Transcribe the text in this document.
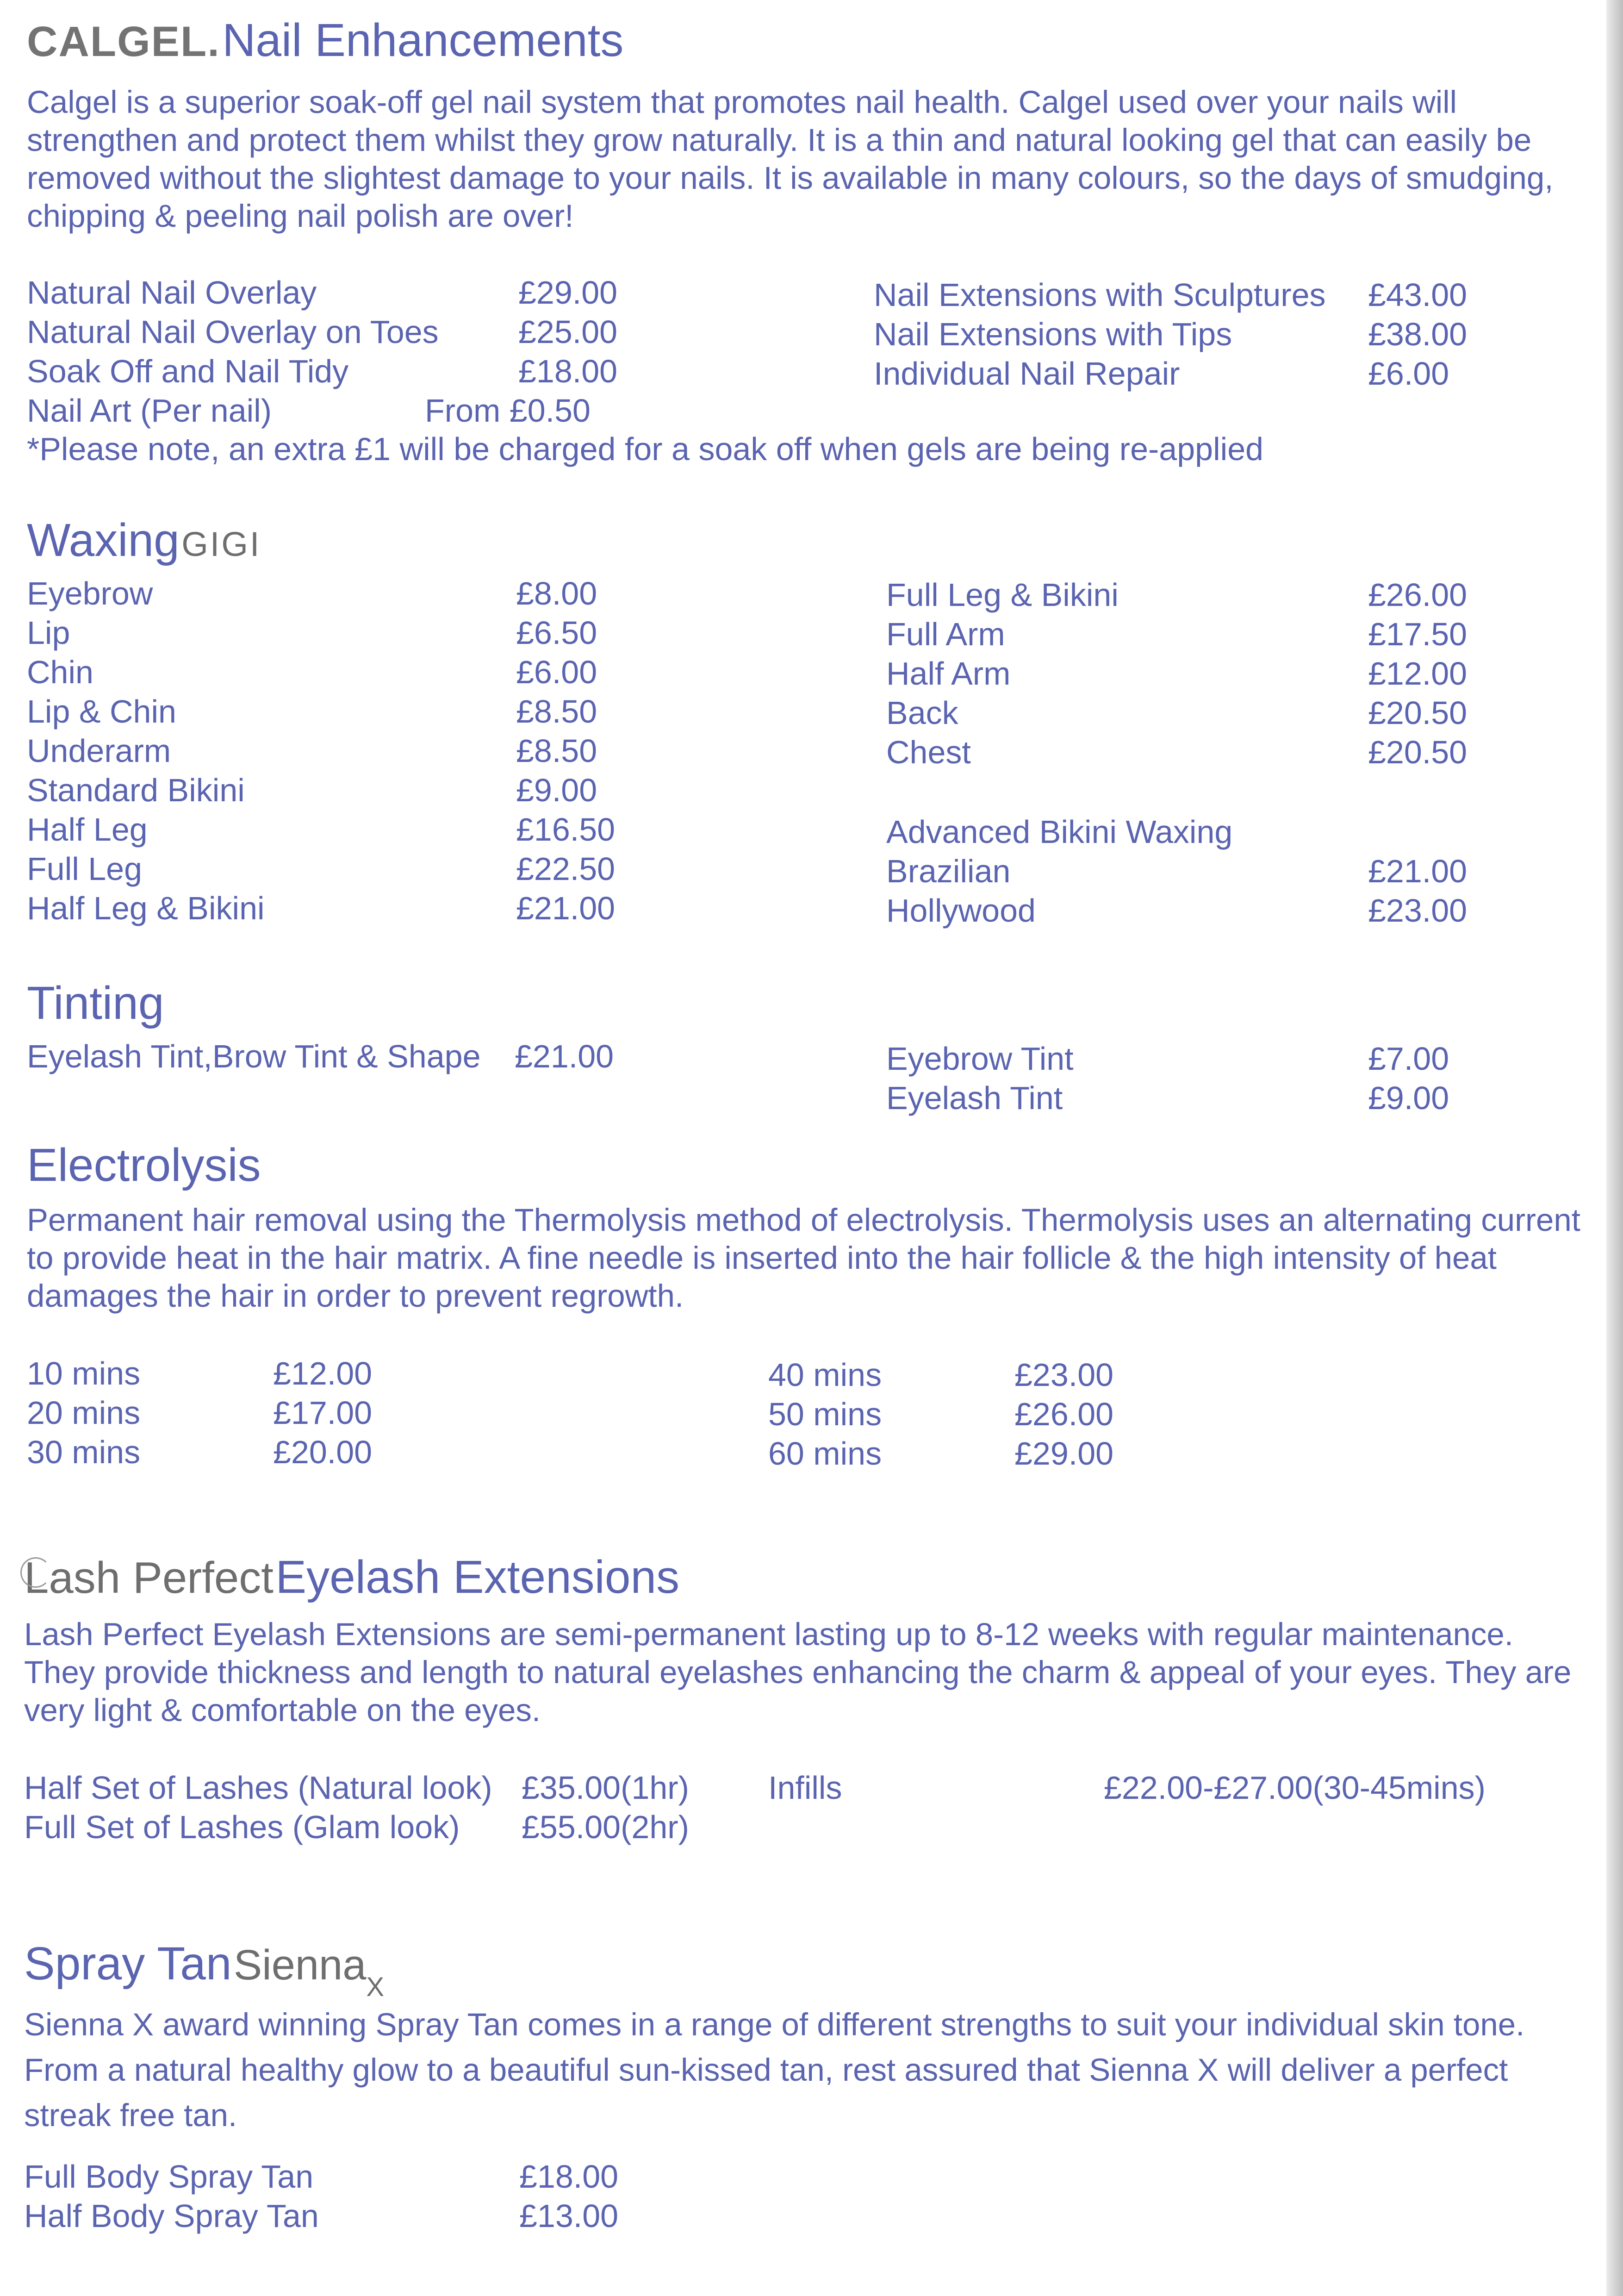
CALGEL. Nail Enhancements
Calgel is a superior soak-off gel nail system that promotes nail health. Calgel used over your nails will strengthen and protect them whilst they grow naturally. It is a thin and natural looking gel that can easily be removed without the slightest damage to your nails. It is available in many colours, so the days of smudging, chipping & peeling nail polish are over!
Natural Nail Overlay
Natural Nail Overlay on Toes
Soak Off and Nail Tidy
Nail Art (Per nail)
£29.00
£25.00
£18.00
From £0.50
Nail Extensions with Sculptures
Nail Extensions with Tips
Individual Nail Repair
£43.00
£38.00
£6.00
*Please note, an extra £1 will be charged for a soak off when gels are being re-applied
Waxing GIGI
Eyebrow
Lip
Chin
Lip & Chin
Underarm
Standard Bikini
Half Leg
Full Leg
Half Leg & Bikini
£8.00
£6.50
£6.00
£8.50
£8.50
£9.00
£16.50
£22.50
£21.00
Full Leg & Bikini
Full Arm
Half Arm
Back
Chest
£26.00
£17.50
£12.00
£20.50
£20.50
Advanced Bikini Waxing
Brazilian
Hollywood
£21.00
£23.00
Tinting
Eyelash Tint,Brow Tint & Shape £21.00	Eyebrow Tint
Eyelash Tint
£7.00
£9.00
Electrolysis
Permanent hair removal using the Thermolysis method of electrolysis. Thermolysis uses an alternating current to provide heat in the hair matrix. A fine needle is inserted into the hair follicle & the high intensity of heat damages the hair in order to prevent regrowth.
10 mins
20 mins
30 mins
£12.00
£17.00
£20.00
40 mins
50 mins
60 mins
£23.00
£26.00
£29.00
Lash Perfect Eyelash Extensions
Lash Perfect Eyelash Extensions are semi-permanent lasting up to 8-12 weeks with regular maintenance. They provide thickness and length to natural eyelashes enhancing the charm & appeal of your eyes. They are very light & comfortable on the eyes.
Half Set of Lashes (Natural look)
Full Set of Lashes (Glam look)
£35.00(1hr)
£55.00(2hr)
Infills	£22.00-£27.00(30-45mins)
Spray Tan SiennaX
Sienna X award winning Spray Tan comes in a range of different strengths to suit your individual skin tone. From a natural healthy glow to a beautiful sun-kissed tan, rest assured that Sienna X will deliver a perfect streak free tan.
Full Body Spray Tan
Half Body Spray Tan
£18.00
£13.00
